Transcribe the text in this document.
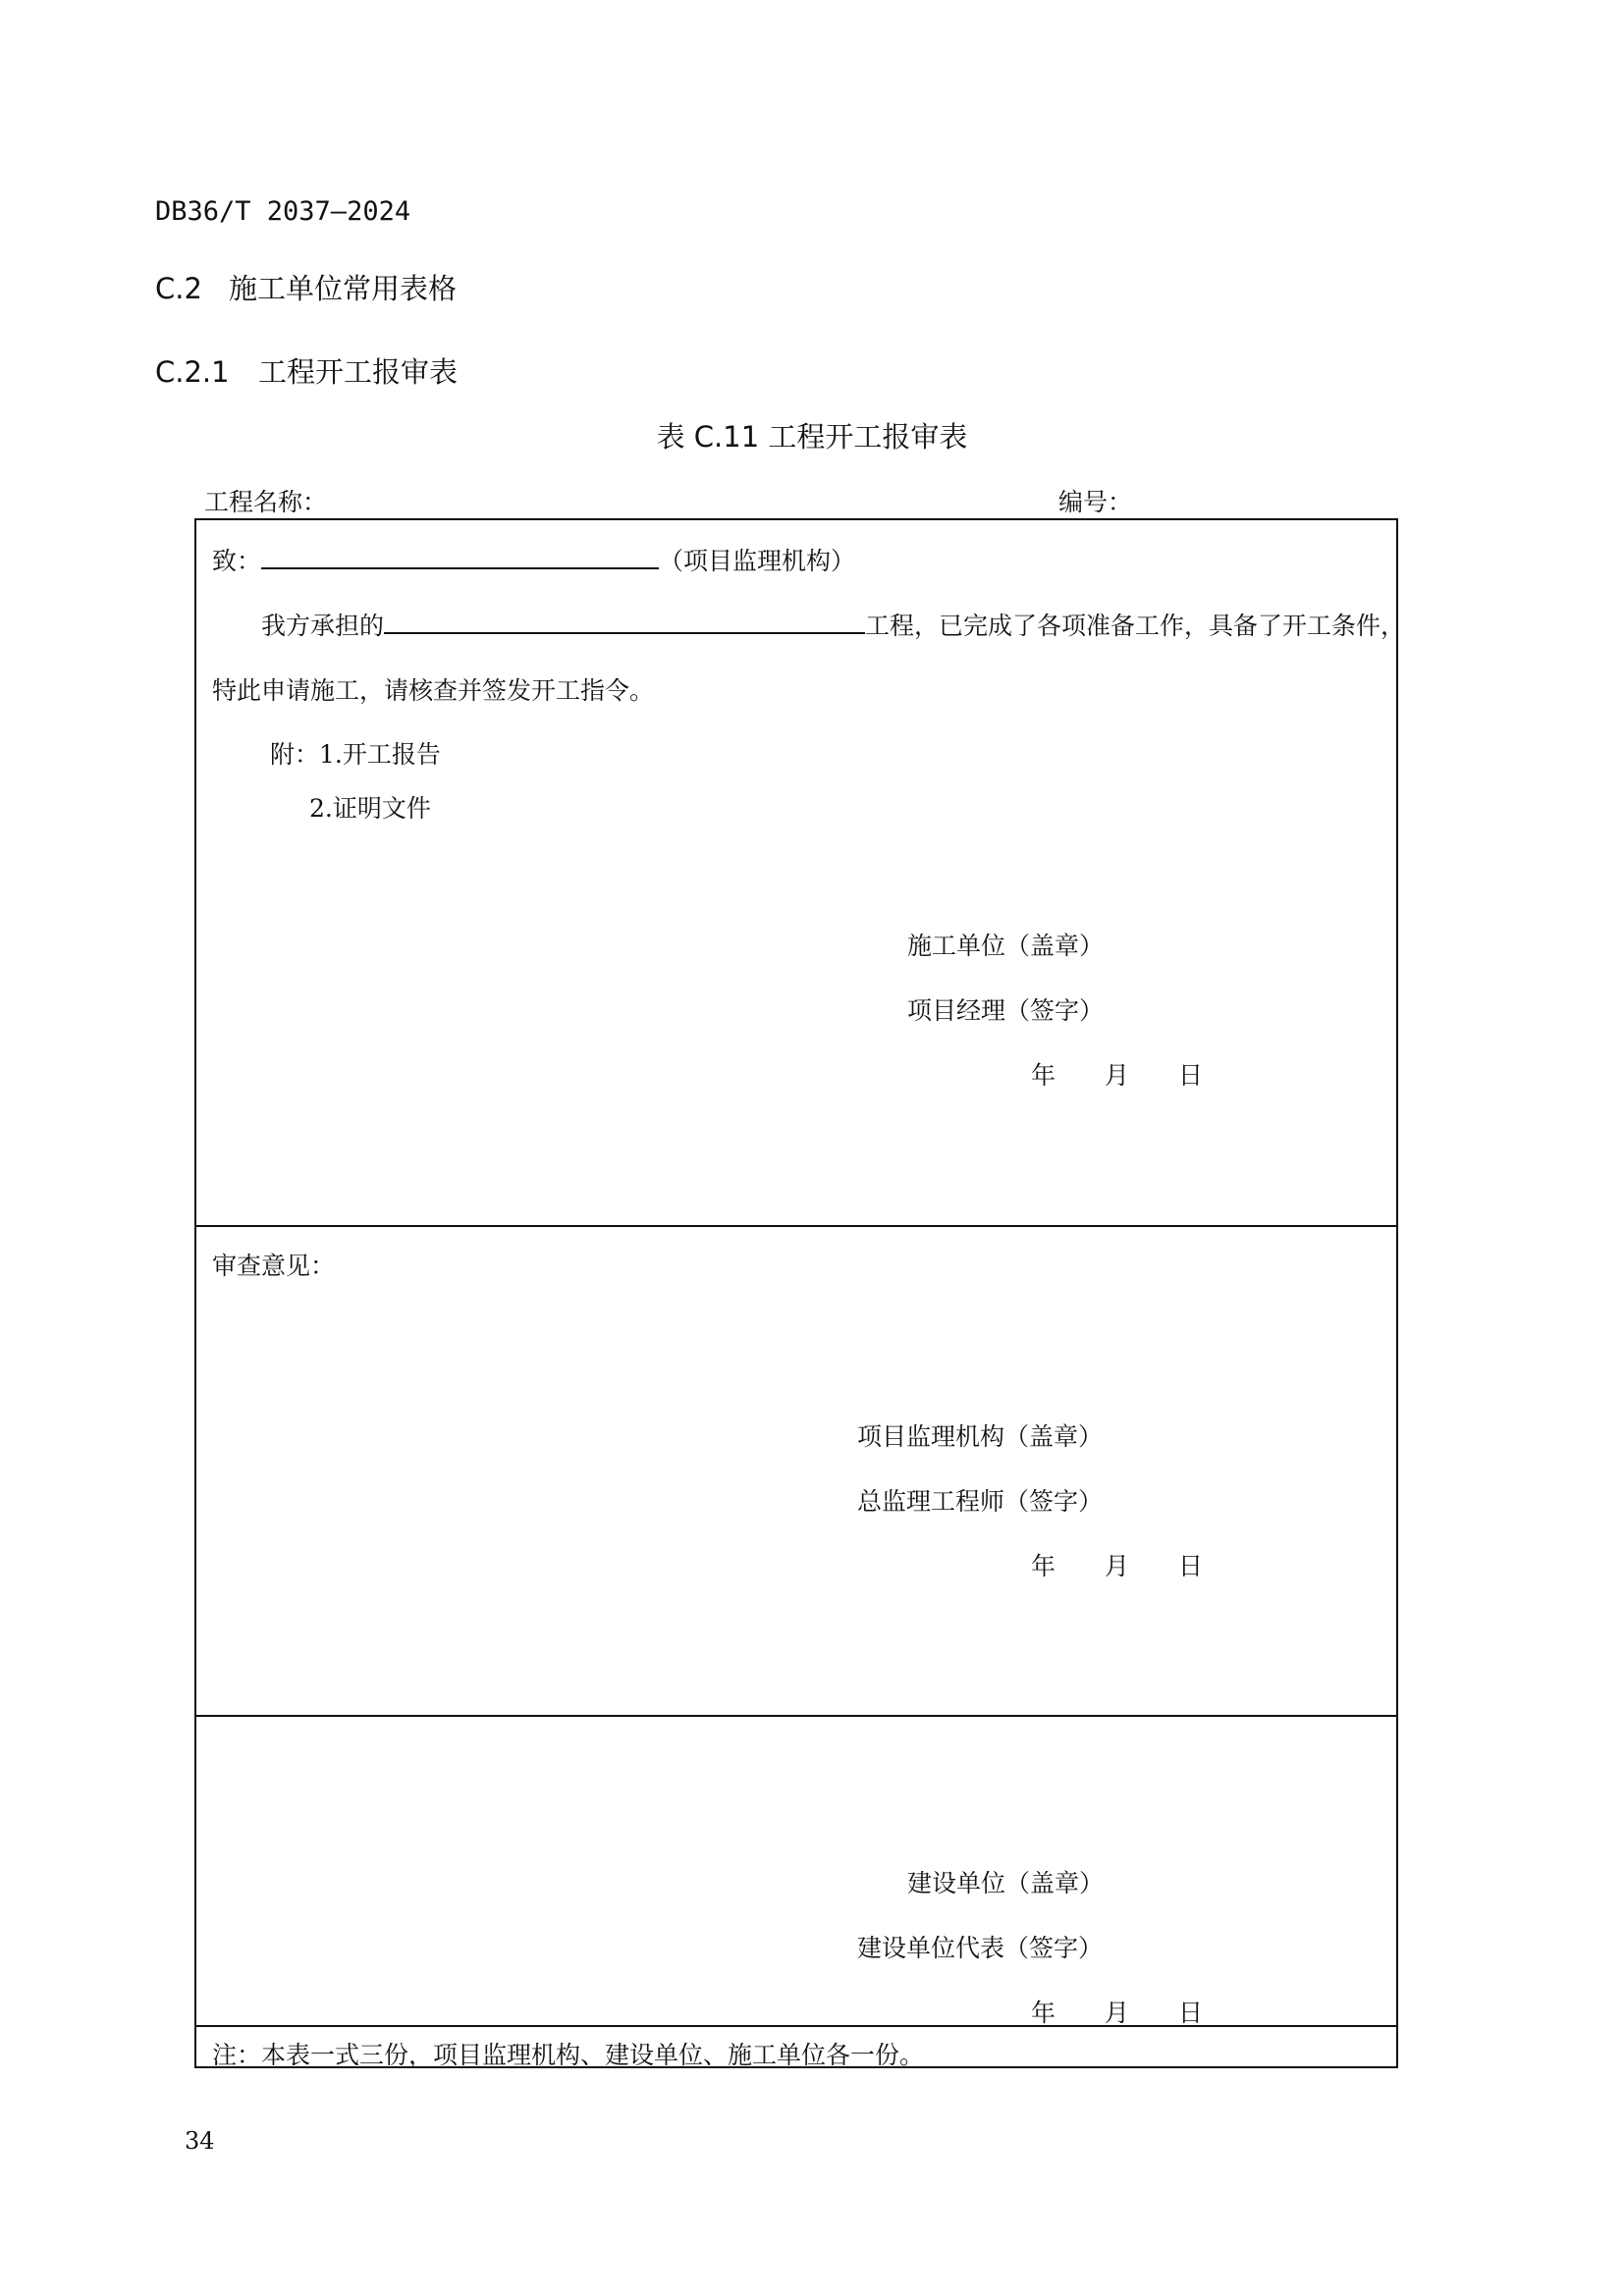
DB36/T 2037—2024
C.2 施工单位常用表格
C.2.1 工程开工报审表
表 C.11 工程开工报审表
工程名称：	编号：
致：	（项目监理机构）
我方承担的	工程，已完成了各项准备工作，具备了开工条件，
特此申请施工，请核查并签发开工指令。
附：1.开工报告
2.证明文件
施工单位（盖章）
项目经理（签字）
年 月 日
审查意见：
项目监理机构（盖章）
总监理工程师（签字）
年 月 日
建设单位（盖章）
建设单位代表（签字）
年 月 日
注：本表一式三份，项目监理机构、建设单位、施工单位各一份。
34
